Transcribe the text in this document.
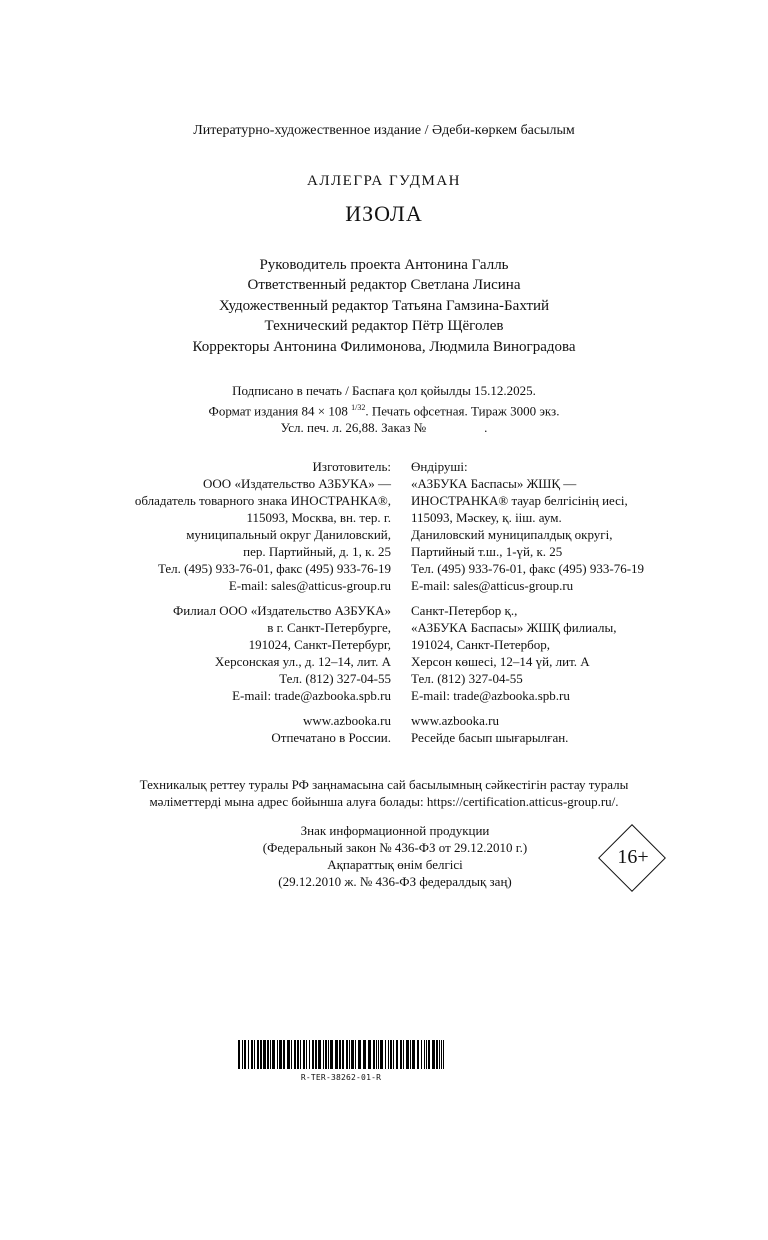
Литературно-художественное издание / Әдеби-көркем басылым
АЛЛЕГРА ГУДМАН
ИЗОЛА
Руководитель проекта Антонина Галль
Ответственный редактор Светлана Лисина
Художественный редактор Татьяна Гамзина-Бахтий
Технический редактор Пётр Щёголев
Корректоры Антонина Филимонова, Людмила Виноградова
Подписано в печать / Баспаға қол қойылды 15.12.2025.
Формат издания 84 × 108 $^{1/32}$. Печать офсетная. Тираж 3000 экз.
Усл. печ. л. 26,88. Заказ №	.
Изготовитель:
ООО «Издательство АЗБУКА» —
обладатель товарного знака ИНОСТРАНКА®,
115093, Москва, вн. тер. г.
муниципальный округ Даниловский,
пер. Партийный, д. 1, к. 25
Тел. (495) 933-76-01, факс (495) 933-76-19
E-mail: sales@atticus-group.ru
Филиал ООО «Издательство АЗБУКА»
в г. Санкт-Петербурге,
191024, Санкт-Петербург,
Херсонская ул., д. 12–14, лит. А
Тел. (812) 327-04-55
E-mail: trade@azbooka.spb.ru
www.azbooka.ru
Отпечатано в России.
Өндіруші:
«АЗБУКА Баспасы» ЖШҚ —
ИНОСТРАНКА® тауар белгісінің иесі,
115093, Мәскеу, қ. ііш. аум.
Даниловский муниципалдық округі,
Партийный т.ш., 1-үй, к. 25
Тел. (495) 933-76-01, факс (495) 933-76-19
E-mail: sales@atticus-group.ru
Санкт-Петербор қ.,
«АЗБУКА Баспасы» ЖШҚ филиалы,
191024, Санкт-Петербор,
Херсон көшесі, 12–14 үй, лит. А
Тел. (812) 327-04-55
E-mail: trade@azbooka.spb.ru
www.azbooka.ru
Ресейде басып шығарылған.
Техникалық реттеу туралы РФ заңнамасына сай басылымның сәйкестігін растау туралы
мәліметтерді мына адрес бойынша алуға болады: https://certification.atticus-group.ru/.
Знак информационной продукции
(Федеральный закон № 436-ФЗ от 29.12.2010 г.)
Ақпараттық өнім белгісі
(29.12.2010 ж. № 436-ФЗ федералдық заң)
16+
R-TER-38262-01-R
